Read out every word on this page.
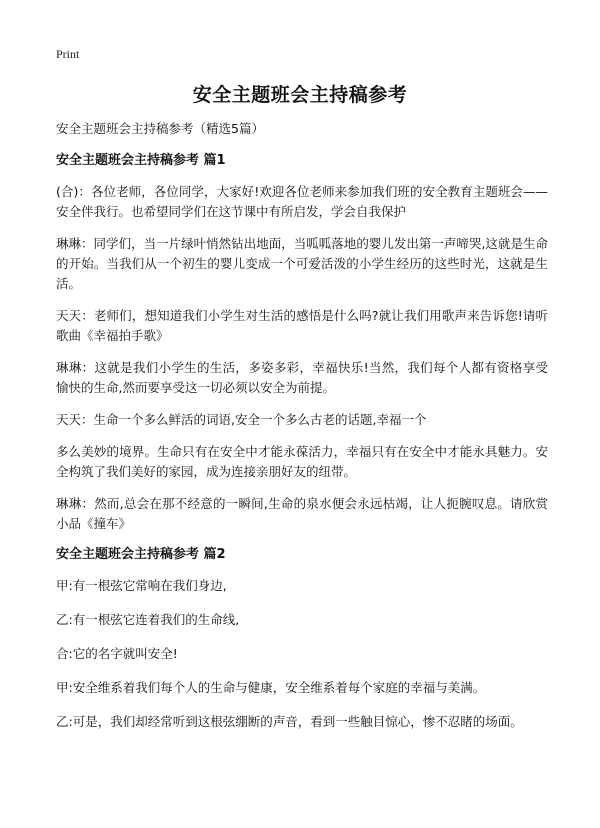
Print
安全主题班会主持稿参考

安全主题班会主持稿参考（精选5篇）

安全主题班会主持稿参考 篇1

(合)：各位老师，各位同学，大家好!欢迎各位老师来参加我们班的安全教育主题班会——安全伴我行。也希望同学们在这节课中有所启发，学会自我保护

琳琳：同学们，当一片绿叶悄然钻出地面，当呱呱落地的婴儿发出第一声啼哭,这就是生命的开始。当我们从一个初生的婴儿变成一个可爱活泼的小学生经历的这些时光，这就是生活。

天天：老师们，想知道我们小学生对生活的感悟是什么吗?就让我们用歌声来告诉您!请听歌曲《幸福拍手歌》

琳琳：这就是我们小学生的生活，多姿多彩，幸福快乐!当然，我们每个人都有资格享受愉快的生命,然而要享受这一切必须以安全为前提。

天天：生命一个多么鲜活的词语,安全一个多么古老的话题,幸福一个

多么美妙的境界。生命只有在安全中才能永葆活力，幸福只有在安全中才能永具魅力。安全构筑了我们美好的家园，成为连接亲朋好友的纽带。

琳琳：然而,总会在那不经意的一瞬间,生命的泉水便会永远枯竭，让人扼腕叹息。请欣赏小品《撞车》

安全主题班会主持稿参考 篇2

甲:有一根弦它常响在我们身边,

乙:有一根弦它连着我们的生命线,

合:它的名字就叫安全!

甲:安全维系着我们每个人的生命与健康，安全维系着每个家庭的幸福与美满。

乙:可是，我们却经常听到这根弦绷断的声音，看到一些触目惊心，惨不忍睹的场面。
